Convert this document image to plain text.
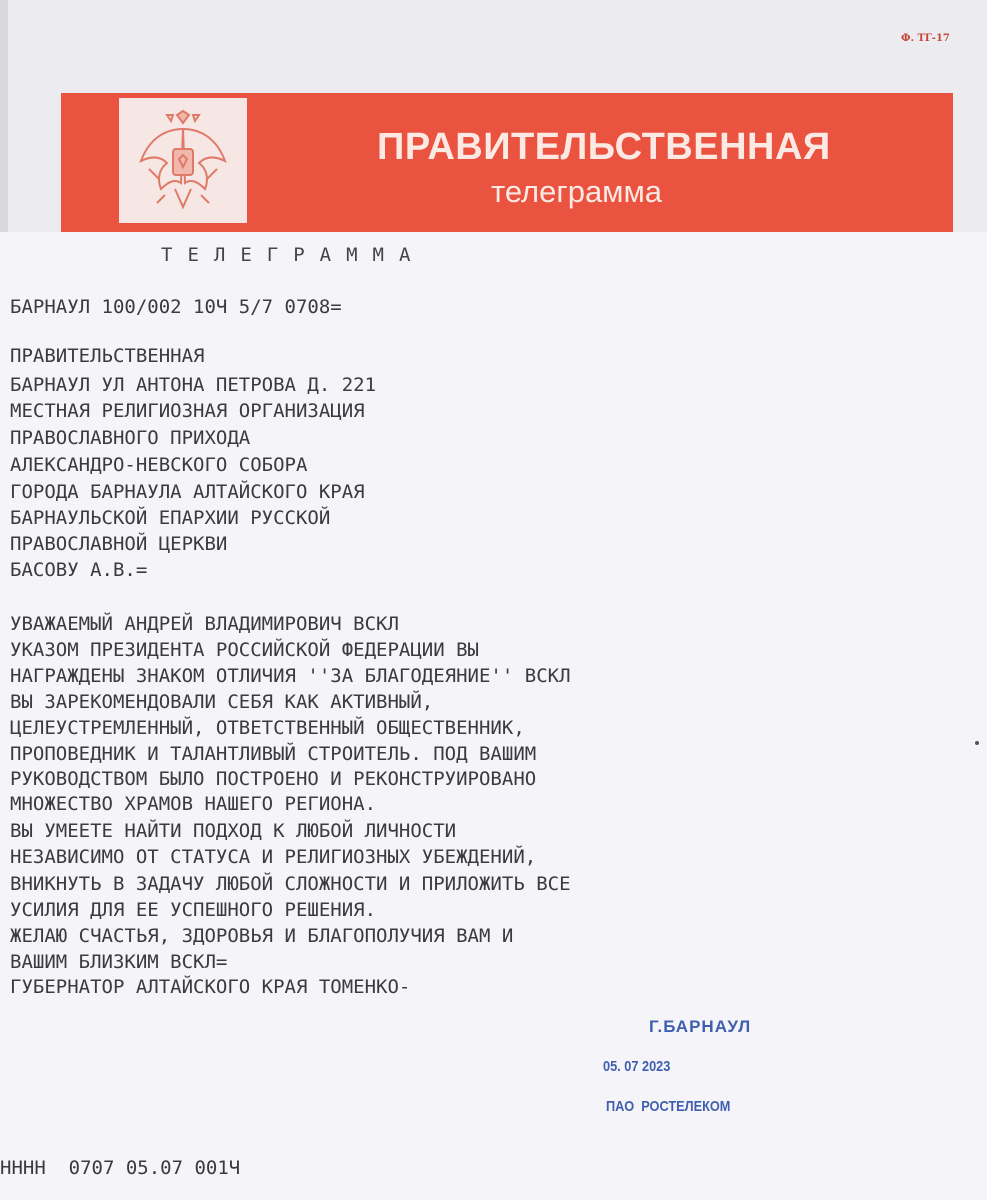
Ф. ТГ-17
ПРАВИТЕЛЬСТВЕННАЯ
телеграмма
ТЕЛЕГРАММА
БАРНАУЛ 100/002 10Ч 5/7 0708=
ПРАВИТЕЛЬСТВЕННАЯ
БАРНАУЛ УЛ АНТОНА ПЕТРОВА Д. 221
МЕСТНАЯ РЕЛИГИОЗНАЯ ОРГАНИЗАЦИЯ
ПРАВОСЛАВНОГО ПРИХОДА
АЛЕКСАНДРО-НЕВСКОГО СОБОРА
ГОРОДА БАРНАУЛА АЛТАЙСКОГО КРАЯ
БАРНАУЛЬСКОЙ ЕПАРХИИ РУССКОЙ
ПРАВОСЛАВНОЙ ЦЕРКВИ
БАСОВУ А.В.=
УВАЖАЕМЫЙ АНДРЕЙ ВЛАДИМИРОВИЧ ВСКЛ
УКАЗОМ ПРЕЗИДЕНТА РОССИЙСКОЙ ФЕДЕРАЦИИ ВЫ
НАГРАЖДЕНЫ ЗНАКОМ ОТЛИЧИЯ ''ЗА БЛАГОДЕЯНИЕ'' ВСКЛ
ВЫ ЗАРЕКОМЕНДОВАЛИ СЕБЯ КАК АКТИВНЫЙ,
ЦЕЛЕУСТРЕМЛЕННЫЙ, ОТВЕТСТВЕННЫЙ ОБЩЕСТВЕННИК,
ПРОПОВЕДНИК И ТАЛАНТЛИВЫЙ СТРОИТЕЛЬ. ПОД ВАШИМ
РУКОВОДСТВОМ БЫЛО ПОСТРОЕНО И РЕКОНСТРУИРОВАНО
МНОЖЕСТВО ХРАМОВ НАШЕГО РЕГИОНА.
ВЫ УМЕЕТЕ НАЙТИ ПОДХОД К ЛЮБОЙ ЛИЧНОСТИ
НЕЗАВИСИМО ОТ СТАТУСА И РЕЛИГИОЗНЫХ УБЕЖДЕНИЙ,
ВНИКНУТЬ В ЗАДАЧУ ЛЮБОЙ СЛОЖНОСТИ И ПРИЛОЖИТЬ ВСЕ
УСИЛИЯ ДЛЯ ЕЕ УСПЕШНОГО РЕШЕНИЯ.
ЖЕЛАЮ СЧАСТЬЯ, ЗДОРОВЬЯ И БЛАГОПОЛУЧИЯ ВАМ И
ВАШИМ БЛИЗКИМ ВСКЛ=
ГУБЕРНАТОР АЛТАЙСКОГО КРАЯ ТОМЕНКО-
Г.БАРНАУЛ
05. 07 2023
ПАО  РОСТЕЛЕКОМ
НННН  0707 05.07 001Ч
